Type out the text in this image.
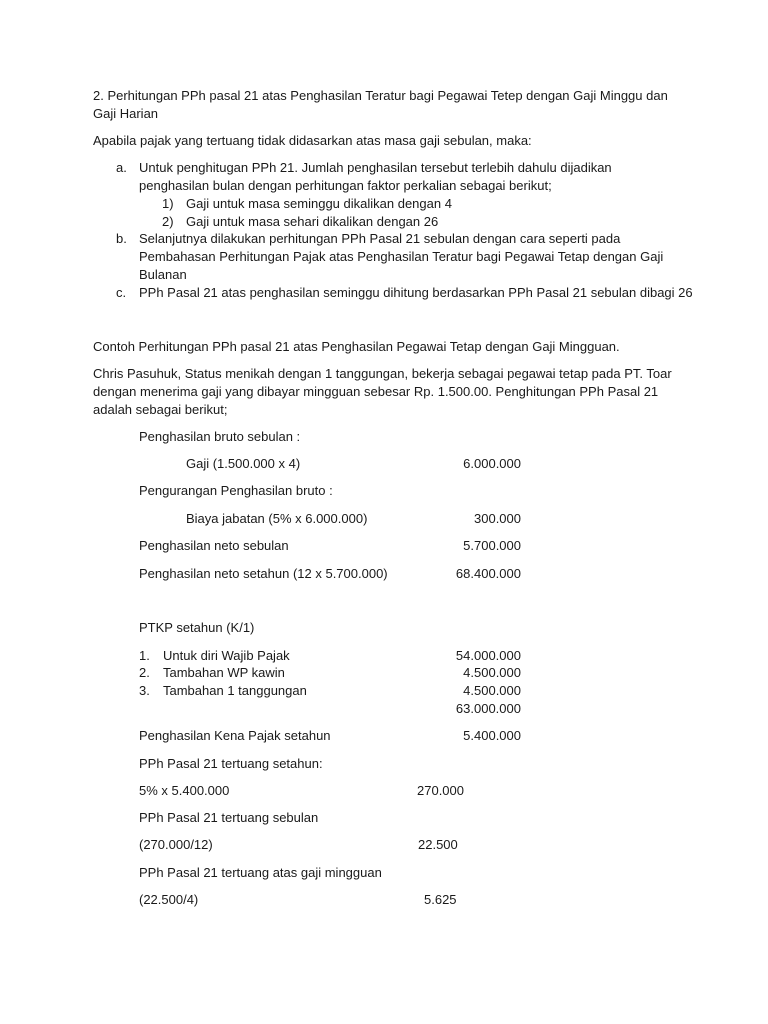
2. Perhitungan PPh pasal 21 atas Penghasilan Teratur bagi Pegawai Tetep dengan Gaji Minggu dan
Gaji Harian
Apabila pajak yang tertuang tidak didasarkan atas masa gaji sebulan, maka:
a. Untuk penghitugan PPh 21. Jumlah penghasilan tersebut terlebih dahulu dijadikan
penghasilan bulan dengan perhitungan faktor perkalian sebagai berikut;
1) Gaji untuk masa seminggu dikalikan dengan 4
2) Gaji untuk masa sehari dikalikan dengan 26
b. Selanjutnya dilakukan perhitungan PPh Pasal 21 sebulan dengan cara seperti pada
Pembahasan Perhitungan Pajak atas Penghasilan Teratur bagi Pegawai Tetap dengan Gaji
Bulanan
c. PPh Pasal 21 atas penghasilan seminggu dihitung berdasarkan PPh Pasal 21 sebulan dibagi 26
Contoh Perhitungan PPh pasal 21 atas Penghasilan Pegawai Tetap dengan Gaji Mingguan.
Chris Pasuhuk, Status menikah dengan 1 tanggungan, bekerja sebagai pegawai tetap pada PT. Toar
dengan menerima gaji yang dibayar mingguan sebesar Rp. 1.500.00. Penghitungan PPh Pasal 21
adalah sebagai berikut;
Penghasilan bruto sebulan :
Gaji (1.500.000 x 4)	6.000.000
Pengurangan Penghasilan bruto :
Biaya jabatan (5% x 6.000.000)	300.000
Penghasilan neto sebulan	5.700.000
Penghasilan neto setahun (12 x 5.700.000)	68.400.000
PTKP setahun (K/1)
1. Untuk diri Wajib Pajak	54.000.000
2. Tambahan WP kawin	4.500.000
3. Tambahan 1 tanggungan	4.500.000
63.000.000
Penghasilan Kena Pajak setahun	5.400.000
PPh Pasal 21 tertuang setahun:
5% x 5.400.000	270.000
PPh Pasal 21 tertuang sebulan
(270.000/12)	22.500
PPh Pasal 21 tertuang atas gaji mingguan
(22.500/4)	5.625
